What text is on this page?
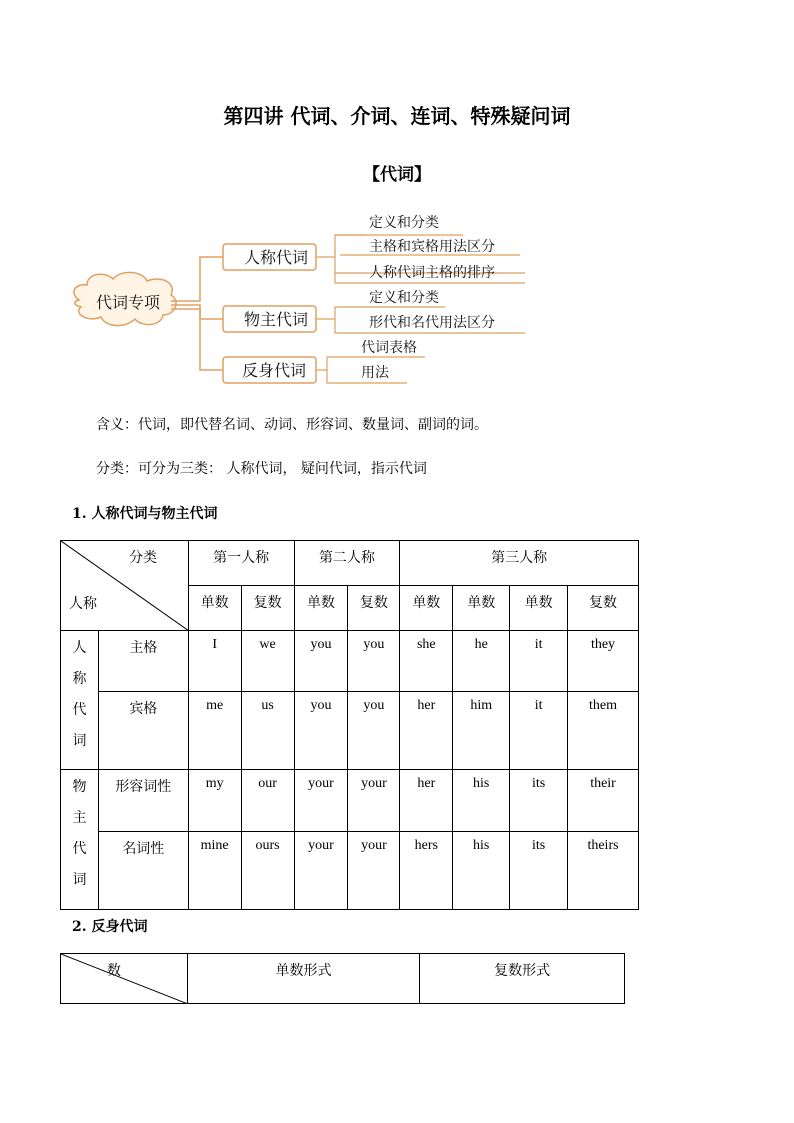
第四讲 代词、介词、连词、特殊疑问词
【代词】
代词专项
人称代词
定义和分类
主格和宾格用法区分
人称代词主格的排序
物主代词
定义和分类
形代和名代用法区分
反身代词
代词表格
用法
含义：代词，即代替名词、动词、形容词、数量词、副词的词。
分类：可分为三类： 人称代词， 疑问代词，指示代词
1. 人称代词与物主代词
分类
人称		第一人称		第二人称		第三人称			
		单数	复数	单数	复数	单数	单数	单数	复数
人
称
代
词	主格	I	we	you	you	she	he	it	they
	宾格	me	us	you	you	her	him	it	them
物
主
代
词	形容词性	my	our	your	your	her	his	its	their
	名词性	mine	ours	your	your	hers	his	its	theirs
2. 反身代词
数	单数形式	复数形式
